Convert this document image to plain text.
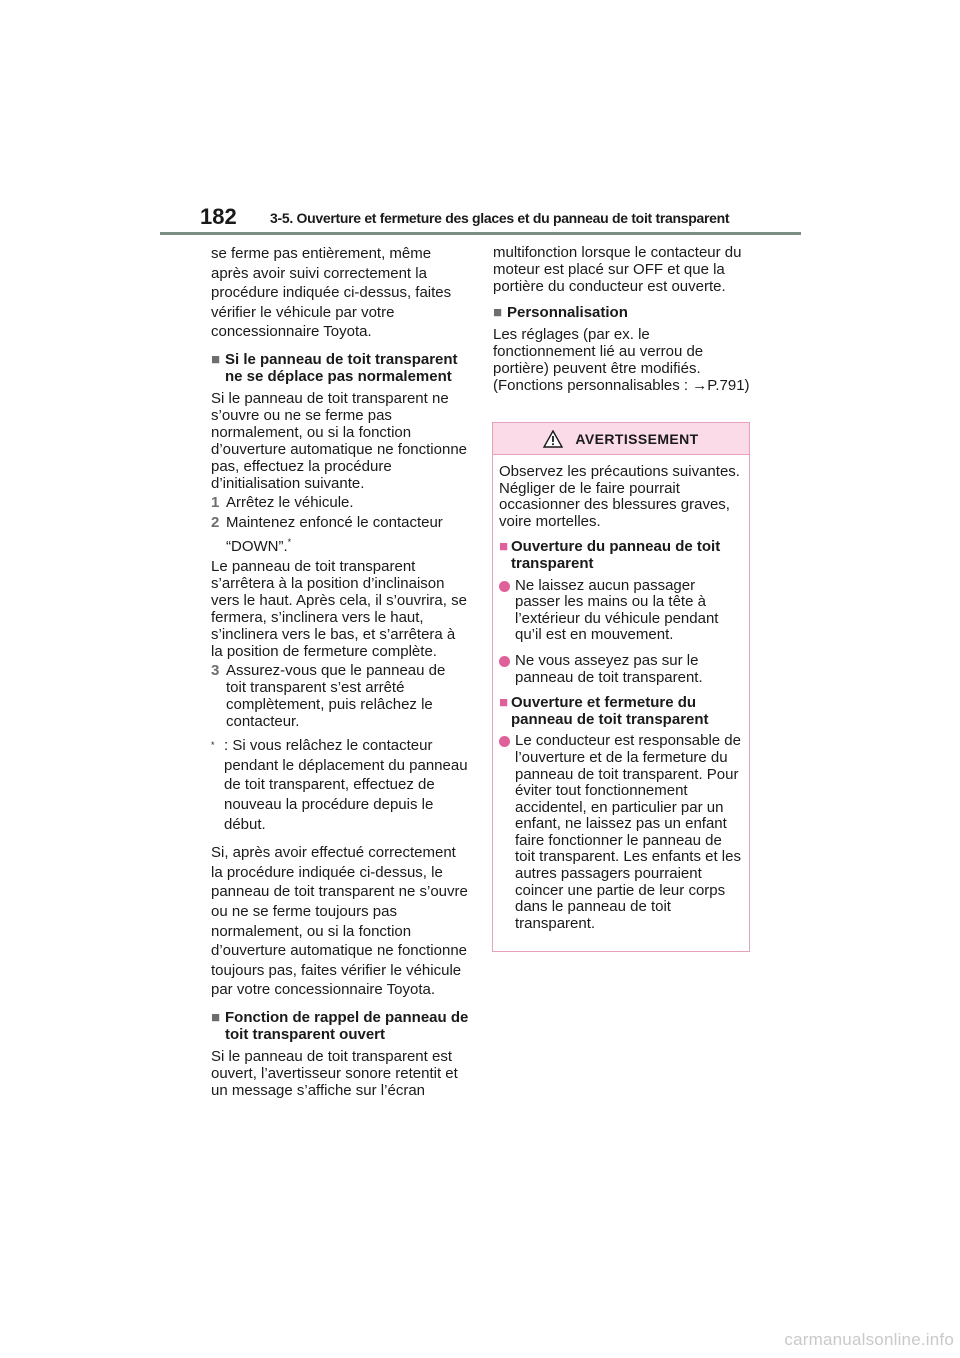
182 3-5. Ouverture et fermeture des glaces et du panneau de toit transparent

se ferme pas entièrement, même après avoir suivi correctement la procédure indiquée ci-dessus, faites vérifier le véhicule par votre concessionnaire Toyota.

■ Si le panneau de toit transparent ne se déplace pas normalement

Si le panneau de toit transparent ne s’ouvre ou ne se ferme pas normalement, ou si la fonction d’ouverture automatique ne fonctionne pas, effectuez la procédure d’initialisation suivante.

1 Arrêtez le véhicule.
2 Maintenez enfoncé le contacteur “DOWN”.*

Le panneau de toit transparent s’arrêtera à la position d’inclinaison vers le haut. Après cela, il s’ouvrira, se fermera, s’inclinera vers le haut, s’inclinera vers le bas, et s’arrêtera à la position de fermeture complète.

3 Assurez-vous que le panneau de toit transparent s’est arrêté complètement, puis relâchez le contacteur.
* : Si vous relâchez le contacteur pendant le déplacement du panneau de toit transparent, effectuez de nouveau la procédure depuis le début.

Si, après avoir effectué correctement la procédure indiquée ci-dessus, le panneau de toit transparent ne s’ouvre ou ne se ferme toujours pas normalement, ou si la fonction d’ouverture automatique ne fonctionne toujours pas, faites vérifier le véhicule par votre concessionnaire Toyota.

■ Fonction de rappel de panneau de toit transparent ouvert

Si le panneau de toit transparent est ouvert, l’avertisseur sonore retentit et un message s’affiche sur l’écran

multifonction lorsque le contacteur du moteur est placé sur OFF et que la portière du conducteur est ouverte.

■ Personnalisation

Les réglages (par ex. le fonctionnement lié au verrou de portière) peuvent être modifiés. (Fonctions personnalisables : →P.791)

AVERTISSEMENT

Observez les précautions suivantes. Négliger de le faire pourrait occasionner des blessures graves, voire mortelles.

■ Ouverture du panneau de toit transparent
Ne laissez aucun passager passer les mains ou la tête à l’extérieur du véhicule pendant qu’il est en mouvement.
Ne vous asseyez pas sur le panneau de toit transparent.
■ Ouverture et fermeture du panneau de toit transparent
Le conducteur est responsable de l’ouverture et de la fermeture du panneau de toit transparent. Pour éviter tout fonctionnement accidentel, en particulier par un enfant, ne laissez pas un enfant faire fonctionner le panneau de toit transparent. Les enfants et les autres passagers pourraient coincer une partie de leur corps dans le panneau de toit transparent.
carmanualsonline.info
